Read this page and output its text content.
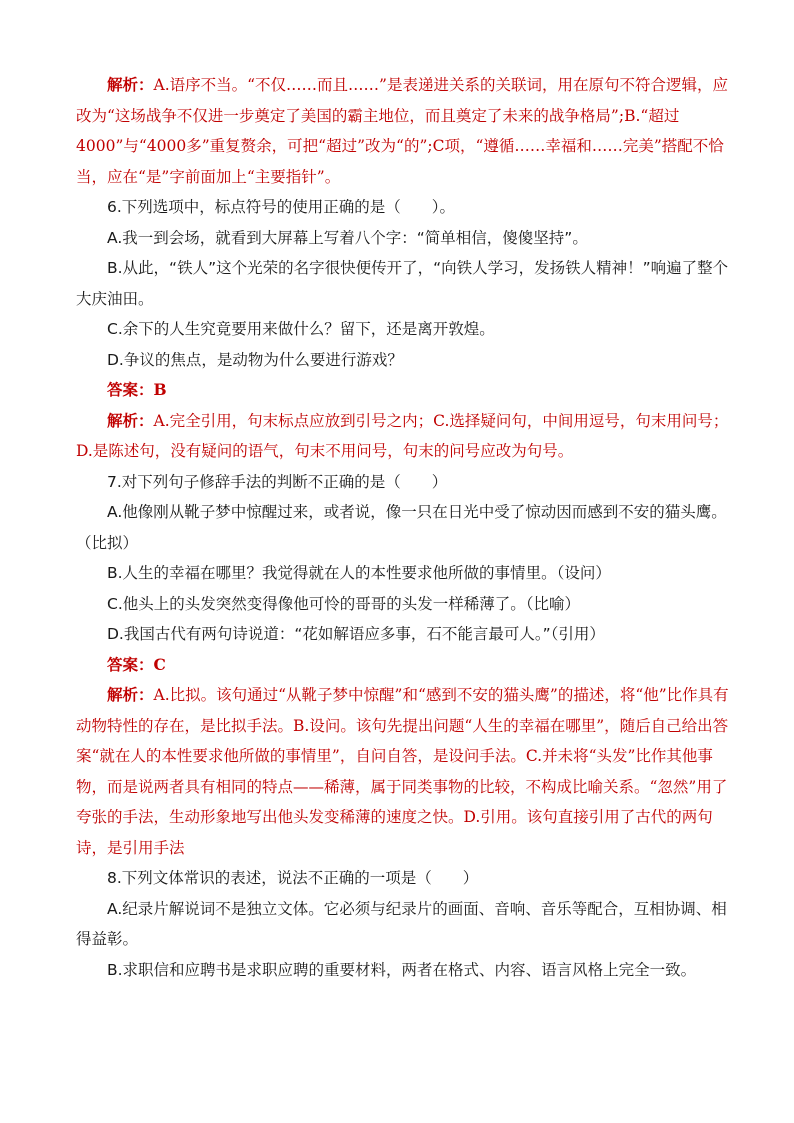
解析：A.语序不当。“不仅……而且……”是表递进关系的关联词，用在原句不符合逻辑，应改为“这场战争不仅进一步奠定了美国的霸主地位，而且奠定了未来的战争格局”;B.“超过4000”与“4000多”重复赘余，可把“超过”改为“的”;C项，“遵循……幸福和……完美”搭配不恰当，应在“是”字前面加上“主要指针”。

6.下列选项中，标点符号的使用正确的是（　　）。

A.我一到会场，就看到大屏幕上写着八个字：“简单相信，傻傻坚持”。

B.从此，“铁人”这个光荣的名字很快便传开了，“向铁人学习，发扬铁人精神！”响遍了整个大庆油田。

C.余下的人生究竟要用来做什么？留下，还是离开敦煌。

D.争议的焦点，是动物为什么要进行游戏？

答案：B

解析：A.完全引用，句末标点应放到引号之内；C.选择疑问句，中间用逗号，句末用问号；D.是陈述句，没有疑问的语气，句末不用问号，句末的问号应改为句号。

7.对下列句子修辞手法的判断不正确的是（　　）

A.他像刚从靴子梦中惊醒过来，或者说，像一只在日光中受了惊动因而感到不安的猫头鹰。（比拟）

B.人生的幸福在哪里？我觉得就在人的本性要求他所做的事情里。（设问）

C.他头上的头发突然变得像他可怜的哥哥的头发一样稀薄了。（比喻）

D.我国古代有两句诗说道：“花如解语应多事，石不能言最可人。”（引用）

答案：C

解析：A.比拟。该句通过“从靴子梦中惊醒”和“感到不安的猫头鹰”的描述，将“他”比作具有动物特性的存在，是比拟手法。B.设问。该句先提出问题“人生的幸福在哪里”，随后自己给出答案“就在人的本性要求他所做的事情里”，自问自答，是设问手法。C.并未将“头发”比作其他事物，而是说两者具有相同的特点——稀薄，属于同类事物的比较，不构成比喻关系。“忽然”用了夸张的手法，生动形象地写出他头发变稀薄的速度之快。D.引用。该句直接引用了古代的两句诗，是引用手法

8.下列文体常识的表述，说法不正确的一项是（　　）

A.纪录片解说词不是独立文体。它必须与纪录片的画面、音响、音乐等配合，互相协调、相得益彰。

B.求职信和应聘书是求职应聘的重要材料，两者在格式、内容、语言风格上完全一致。
